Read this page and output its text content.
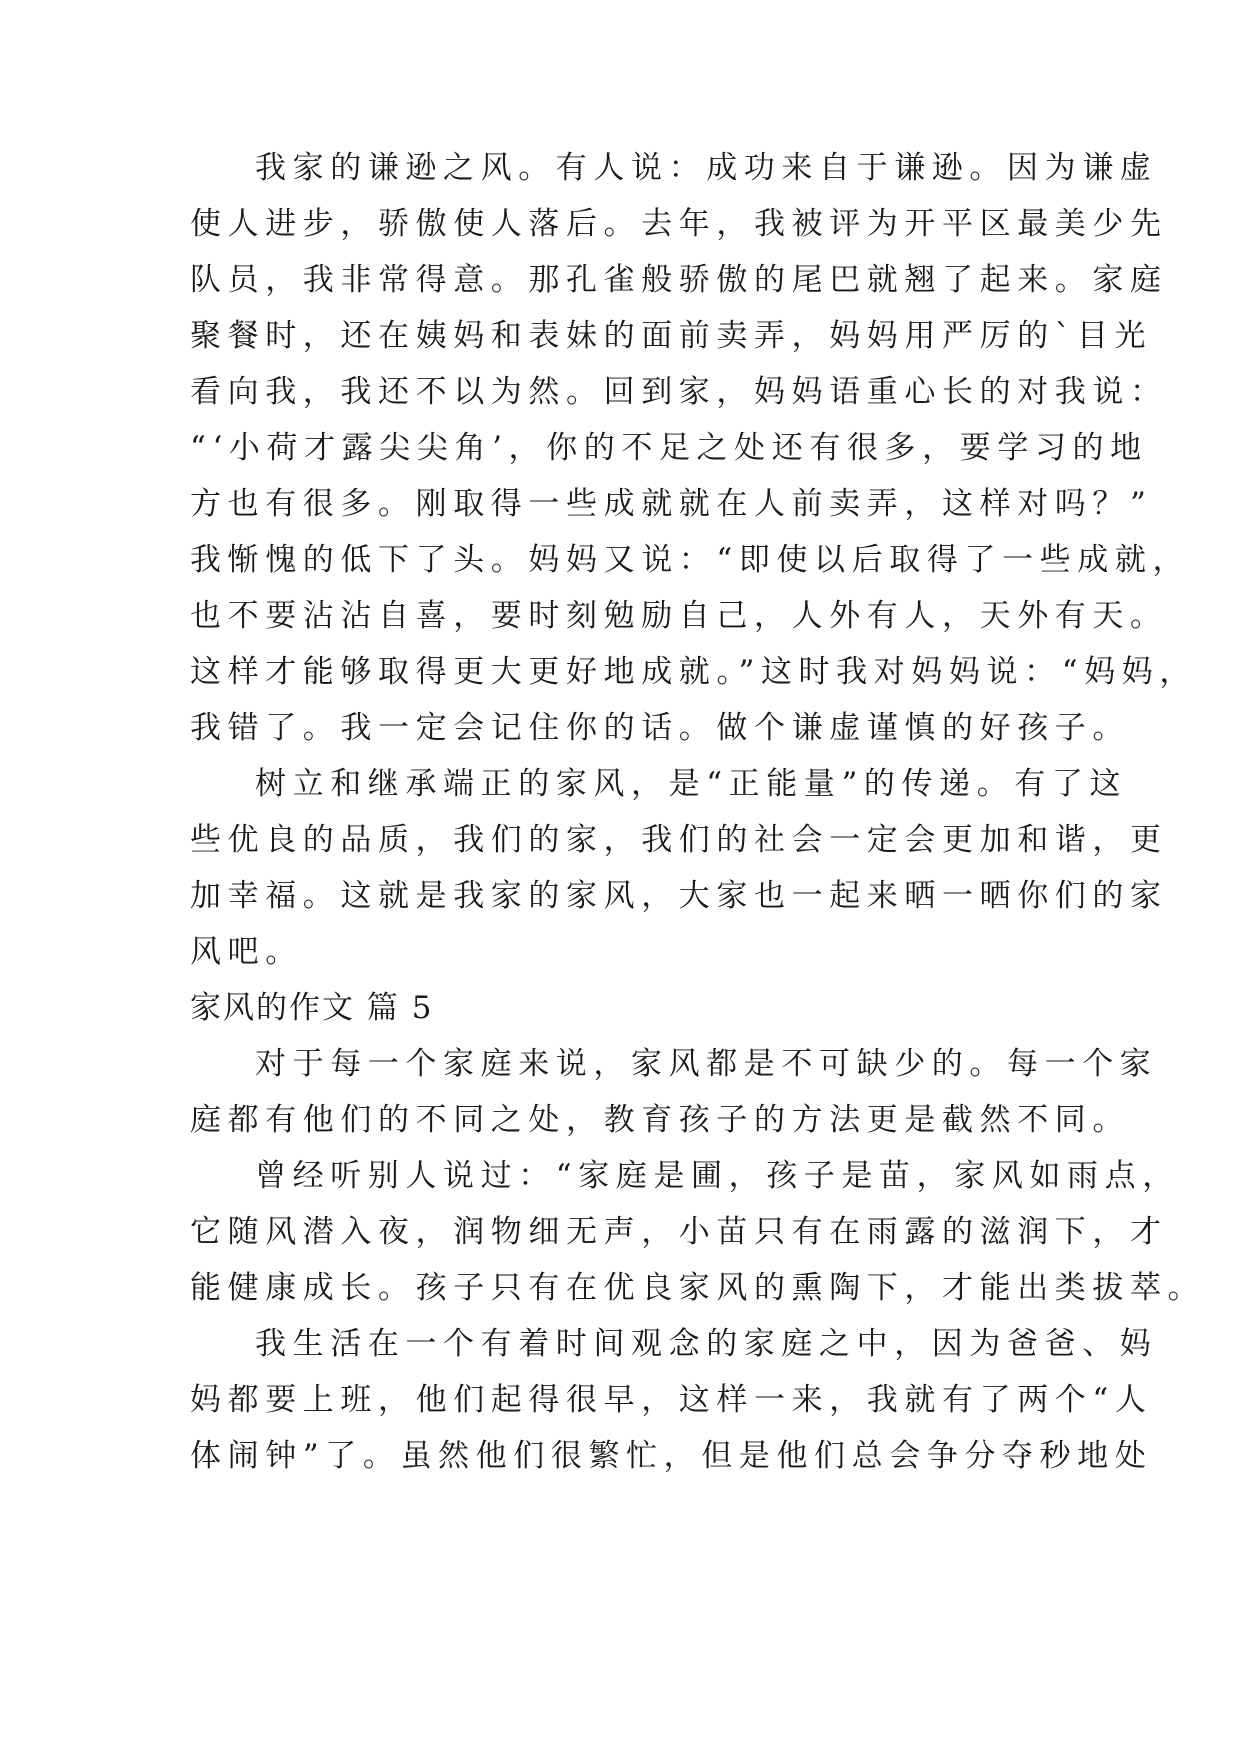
我家的谦逊之风。有人说：成功来自于谦逊。因为谦虚
使人进步，骄傲使人落后。去年，我被评为开平区最美少先
队员，我非常得意。那孔雀般骄傲的尾巴就翘了起来。家庭
聚餐时，还在姨妈和表妹的面前卖弄，妈妈用严厉的`目光
看向我，我还不以为然。回到家，妈妈语重心长的对我说：
“‘小荷才露尖尖角’，你的不足之处还有很多，要学习的地
方也有很多。刚取得一些成就就在人前卖弄，这样对吗？”
我惭愧的低下了头。妈妈又说：“即使以后取得了一些成就，
也不要沾沾自喜，要时刻勉励自己，人外有人，天外有天。
这样才能够取得更大更好地成就。”这时我对妈妈说：“妈妈，
我错了。我一定会记住你的话。做个谦虚谨慎的好孩子。
树立和继承端正的家风，是“正能量”的传递。有了这
些优良的品质，我们的家，我们的社会一定会更加和谐，更
加幸福。这就是我家的家风，大家也一起来晒一晒你们的家
风吧。
家风的作文 篇 5
对于每一个家庭来说，家风都是不可缺少的。每一个家
庭都有他们的不同之处，教育孩子的方法更是截然不同。
曾经听别人说过：“家庭是圃，孩子是苗，家风如雨点，
它随风潜入夜，润物细无声，小苗只有在雨露的滋润下，才
能健康成长。孩子只有在优良家风的熏陶下，才能出类拔萃。
我生活在一个有着时间观念的家庭之中，因为爸爸、妈
妈都要上班，他们起得很早，这样一来，我就有了两个“人
体闹钟”了。虽然他们很繁忙，但是他们总会争分夺秒地处
